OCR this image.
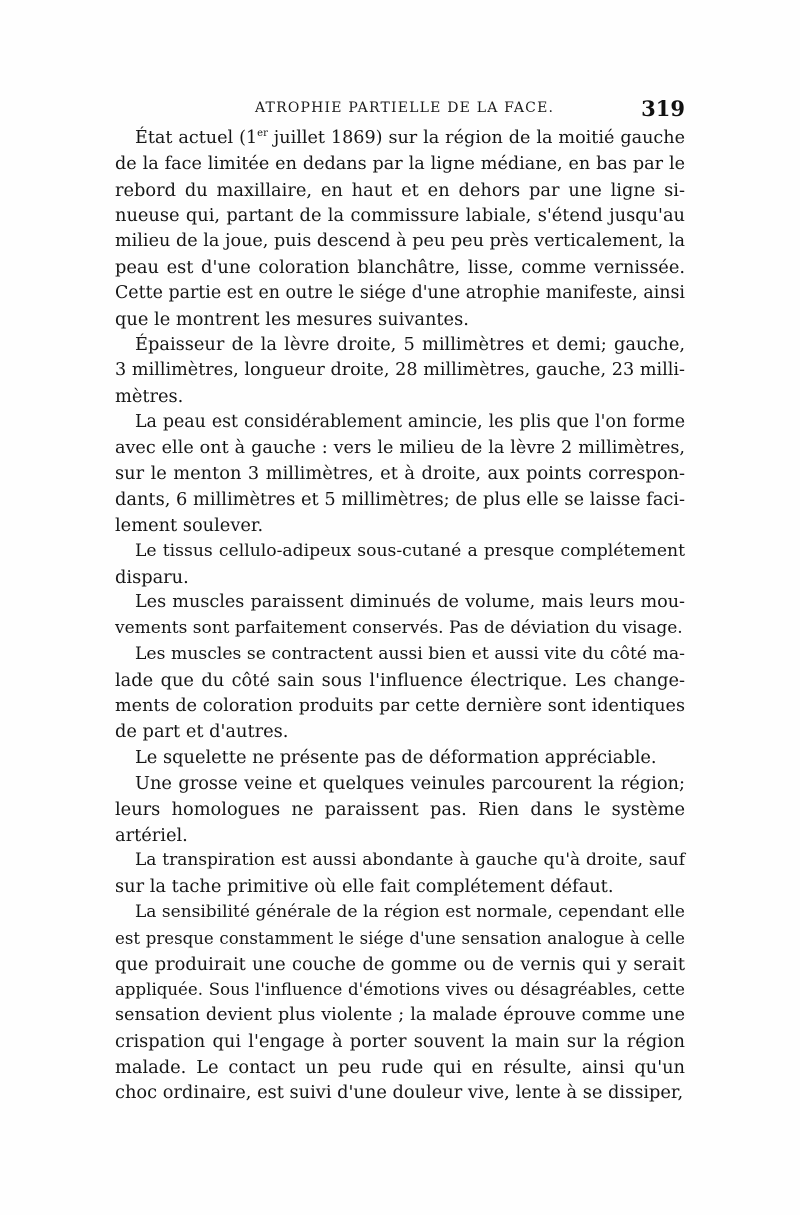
ATROPHIE PARTIELLE DE LA FACE.	319

État actuel (1er juillet 1869) sur la région de la moitié gauche
de la face limitée en dedans par la ligne médiane, en bas par le
rebord du maxillaire, en haut et en dehors par une ligne si-
nueuse qui, partant de la commissure labiale, s'étend jusqu'au
milieu de la joue, puis descend à peu peu près verticalement, la
peau est d'une coloration blanchâtre, lisse, comme vernissée.
Cette partie est en outre le siége d'une atrophie manifeste, ainsi
que le montrent les mesures suivantes.

Épaisseur de la lèvre droite, 5 millimètres et demi; gauche,
3 millimètres, longueur droite, 28 millimètres, gauche, 23 milli-
mètres.

La peau est considérablement amincie, les plis que l'on forme
avec elle ont à gauche : vers le milieu de la lèvre 2 millimètres,
sur le menton 3 millimètres, et à droite, aux points correspon-
dants, 6 millimètres et 5 millimètres; de plus elle se laisse faci-
lement soulever.

Le tissus cellulo-adipeux sous-cutané a presque complétement
disparu.

Les muscles paraissent diminués de volume, mais leurs mou-
vements sont parfaitement conservés. Pas de déviation du visage.

Les muscles se contractent aussi bien et aussi vite du côté ma-
lade que du côté sain sous l'influence électrique. Les change-
ments de coloration produits par cette dernière sont identiques
de part et d'autres.

Le squelette ne présente pas de déformation appréciable.

Une grosse veine et quelques veinules parcourent la région;
leurs homologues ne paraissent pas. Rien dans le système
artériel.

La transpiration est aussi abondante à gauche qu'à droite, sauf
sur la tache primitive où elle fait complétement défaut.

La sensibilité générale de la région est normale, cependant elle
est presque constamment le siége d'une sensation analogue à celle
que produirait une couche de gomme ou de vernis qui y serait
appliquée. Sous l'influence d'émotions vives ou désagréables, cette
sensation devient plus violente ; la malade éprouve comme une
crispation qui l'engage à porter souvent la main sur la région
malade. Le contact un peu rude qui en résulte, ainsi qu'un
choc ordinaire, est suivi d'une douleur vive, lente à se dissiper,
